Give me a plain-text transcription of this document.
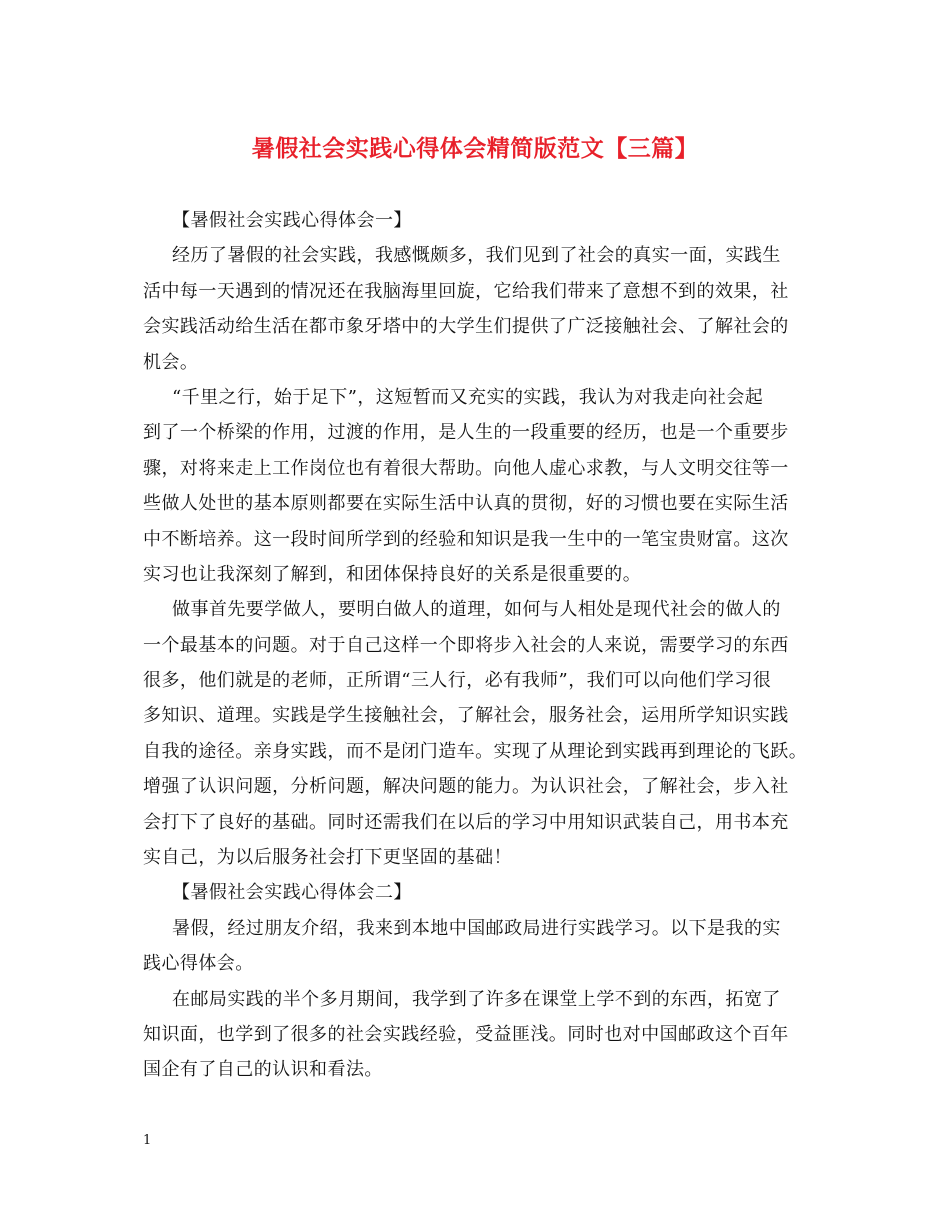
暑假社会实践心得体会精简版范文【三篇】
【暑假社会实践心得体会一】
经历了暑假的社会实践，我感慨颇多，我们见到了社会的真实一面，实践生
活中每一天遇到的情况还在我脑海里回旋，它给我们带来了意想不到的效果，社
会实践活动给生活在都市象牙塔中的大学生们提供了广泛接触社会、了解社会的
机会。
“千里之行，始于足下”，这短暂而又充实的实践，我认为对我走向社会起
到了一个桥梁的作用，过渡的作用，是人生的一段重要的经历，也是一个重要步
骤，对将来走上工作岗位也有着很大帮助。向他人虚心求教，与人文明交往等一
些做人处世的基本原则都要在实际生活中认真的贯彻，好的习惯也要在实际生活
中不断培养。这一段时间所学到的经验和知识是我一生中的一笔宝贵财富。这次
实习也让我深刻了解到，和团体保持良好的关系是很重要的。
做事首先要学做人，要明白做人的道理，如何与人相处是现代社会的做人的
一个最基本的问题。对于自己这样一个即将步入社会的人来说，需要学习的东西
很多，他们就是的老师，正所谓“三人行，必有我师”，我们可以向他们学习很
多知识、道理。实践是学生接触社会，了解社会，服务社会，运用所学知识实践
自我的途径。亲身实践，而不是闭门造车。实现了从理论到实践再到理论的飞跃。
增强了认识问题，分析问题，解决问题的能力。为认识社会，了解社会，步入社
会打下了良好的基础。同时还需我们在以后的学习中用知识武装自己，用书本充
实自己，为以后服务社会打下更坚固的基础！
【暑假社会实践心得体会二】
暑假，经过朋友介绍，我来到本地中国邮政局进行实践学习。以下是我的实
践心得体会。
在邮局实践的半个多月期间，我学到了许多在课堂上学不到的东西，拓宽了
知识面，也学到了很多的社会实践经验，受益匪浅。同时也对中国邮政这个百年
国企有了自己的认识和看法。
1
